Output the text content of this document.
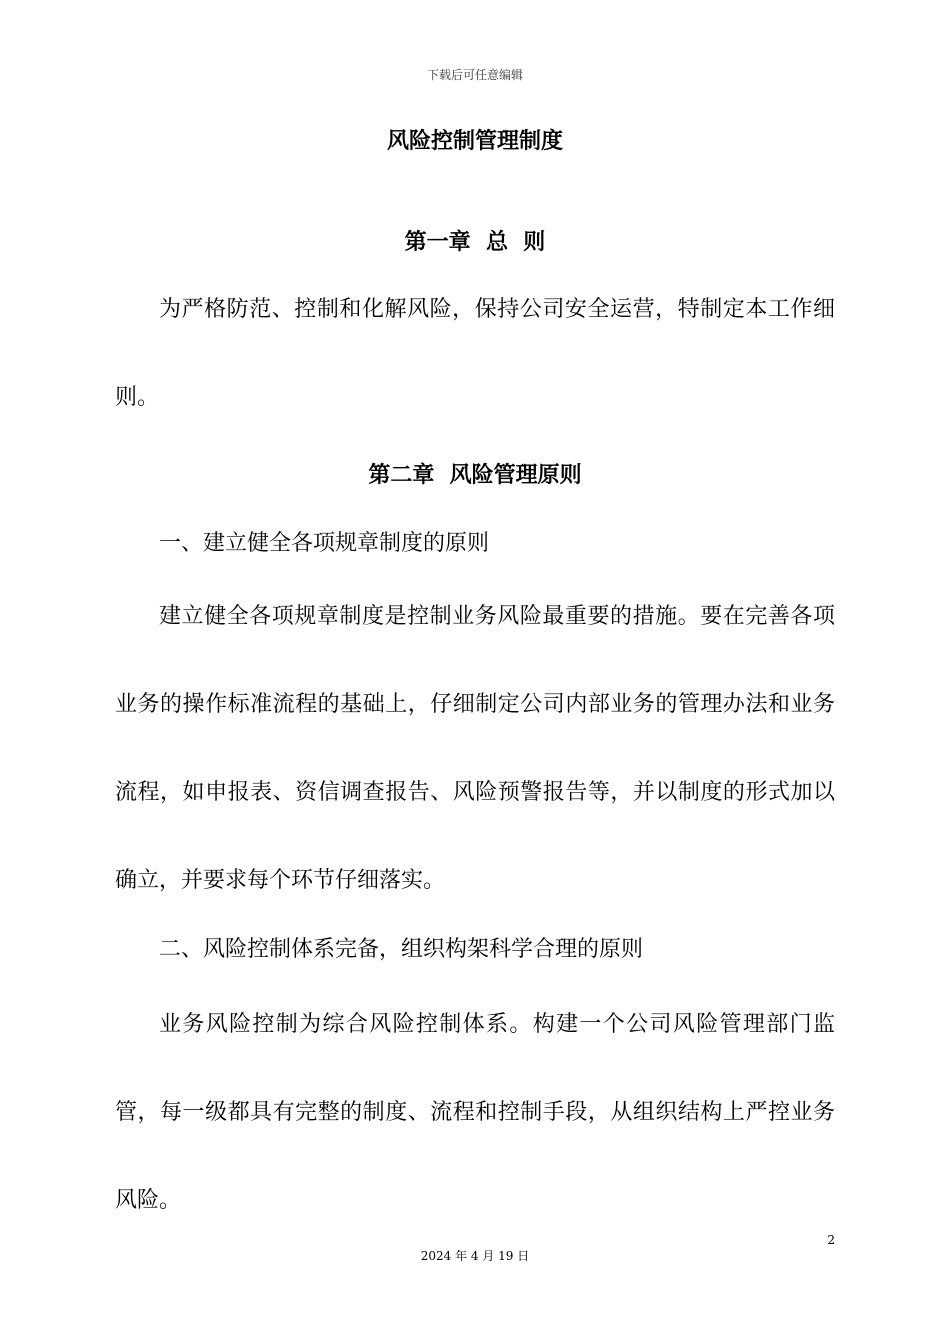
下载后可任意编辑
风险控制管理制度
第一章  总  则

为严格防范、控制和化解风险，保持公司安全运营，特制定本工作细则。

第二章  风险管理原则

一、建立健全各项规章制度的原则

建立健全各项规章制度是控制业务风险最重要的措施。要在完善各项业务的操作标准流程的基础上，仔细制定公司内部业务的管理办法和业务流程，如申报表、资信调查报告、风险预警报告等，并以制度的形式加以确立，并要求每个环节仔细落实。

二、风险控制体系完备，组织构架科学合理的原则

业务风险控制为综合风险控制体系。构建一个公司风险管理部门监管，每一级都具有完整的制度、流程和控制手段，从组织结构上严控业务风险。

2
2024 年 4 月 19 日
